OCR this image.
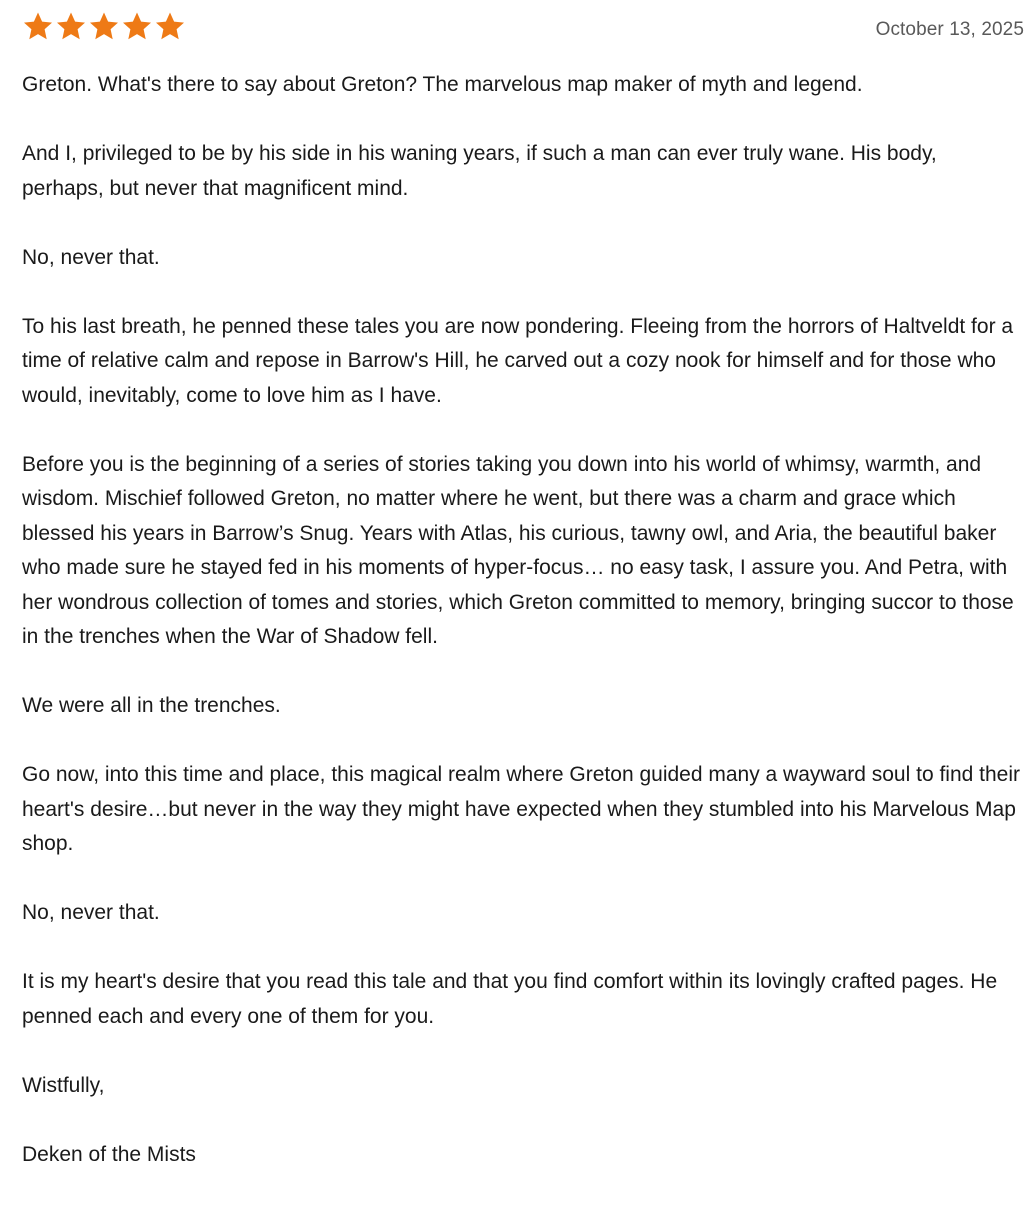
October 13, 2025

Greton. What's there to say about Greton? The marvelous map maker of myth and legend.

And I, privileged to be by his side in his waning years, if such a man can ever truly wane. His body, perhaps, but never that magnificent mind.

No, never that.

To his last breath, he penned these tales you are now pondering. Fleeing from the horrors of Haltveldt for a time of relative calm and repose in Barrow's Hill, he carved out a cozy nook for himself and for those who would, inevitably, come to love him as I have.

Before you is the beginning of a series of stories taking you down into his world of whimsy, warmth, and wisdom. Mischief followed Greton, no matter where he went, but there was a charm and grace which blessed his years in Barrow’s Snug. Years with Atlas, his curious, tawny owl, and Aria, the beautiful baker who made sure he stayed fed in his moments of hyper-focus… no easy task, I assure you. And Petra, with her wondrous collection of tomes and stories, which Greton committed to memory, bringing succor to those in the trenches when the War of Shadow fell.

We were all in the trenches.

Go now, into this time and place, this magical realm where Greton guided many a wayward soul to find their heart's desire…but never in the way they might have expected when they stumbled into his Marvelous Map shop.

No, never that.

It is my heart's desire that you read this tale and that you find comfort within its lovingly crafted pages. He penned each and every one of them for you.

Wistfully,

Deken of the Mists
